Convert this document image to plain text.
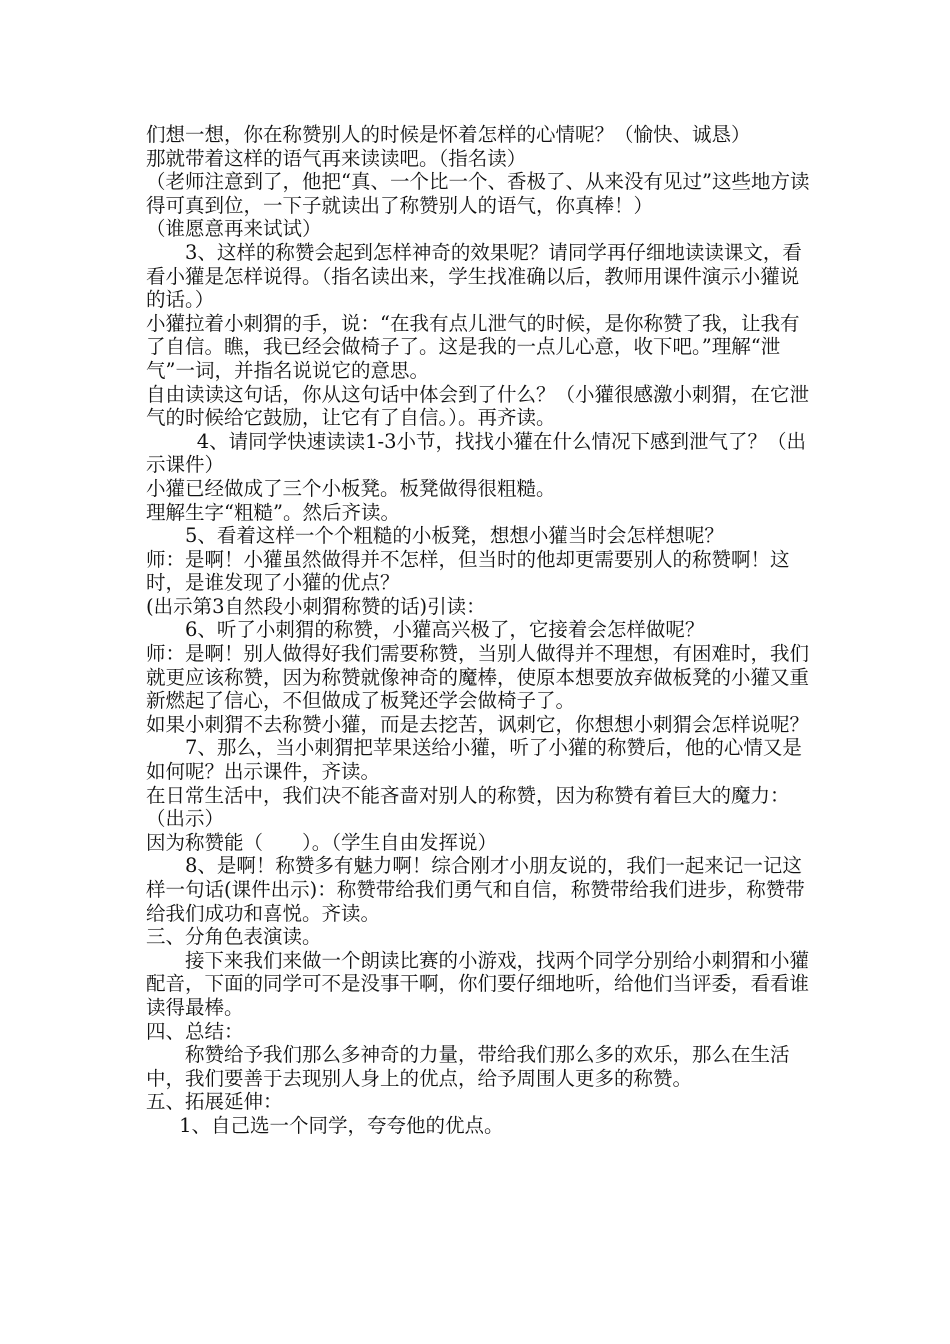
们想一想，你在称赞别人的时候是怀着怎样的心情呢？（愉快、诚恳）

那就带着这样的语气再来读读吧。（指名读）

（老师注意到了，他把“真、一个比一个、香极了、从来没有见过”这些地方读得可真到位，一下子就读出了称赞别人的语气，你真棒！）

（谁愿意再来试试）

3、这样的称赞会起到怎样神奇的效果呢？请同学再仔细地读读课文，看看小獾是怎样说得。（指名读出来，学生找准确以后，教师用课件演示小獾说的话。）

小獾拉着小刺猬的手，说：“在我有点儿泄气的时候，是你称赞了我，让我有了自信。瞧，我已经会做椅子了。这是我的一点儿心意，收下吧。”理解“泄气”一词，并指名说说它的意思。

自由读读这句话，你从这句话中体会到了什么？（小獾很感激小刺猬，在它泄气的时候给它鼓励，让它有了自信。）。再齐读。

4、请同学快速读读1-3小节，找找小獾在什么情况下感到泄气了？（出示课件）

小獾已经做成了三个小板凳。板凳做得很粗糙。

理解生字“粗糙”。然后齐读。

5、看着这样一个个粗糙的小板凳，想想小獾当时会怎样想呢？

师：是啊！小獾虽然做得并不怎样，但当时的他却更需要别人的称赞啊！这时，是谁发现了小獾的优点？

(出示第3自然段小刺猬称赞的话)引读：

6、听了小刺猬的称赞，小獾高兴极了，它接着会怎样做呢？

师：是啊！别人做得好我们需要称赞，当别人做得并不理想，有困难时，我们就更应该称赞，因为称赞就像神奇的魔棒，使原本想要放弃做板凳的小獾又重新燃起了信心，不但做成了板凳还学会做椅子了。

如果小刺猬不去称赞小獾，而是去挖苦，讽刺它，你想想小刺猬会怎样说呢？

7、那么，当小刺猬把苹果送给小獾，听了小獾的称赞后，他的心情又是如何呢？出示课件，齐读。

在日常生活中，我们决不能吝啬对别人的称赞，因为称赞有着巨大的魔力：（出示）

因为称赞能（　　）。（学生自由发挥说）

8、是啊！称赞多有魅力啊！综合刚才小朋友说的，我们一起来记一记这样一句话(课件出示)：称赞带给我们勇气和自信，称赞带给我们进步，称赞带给我们成功和喜悦。齐读。

三、分角色表演读。

接下来我们来做一个朗读比赛的小游戏，找两个同学分别给小刺猬和小獾配音，下面的同学可不是没事干啊，你们要仔细地听，给他们当评委，看看谁读得最棒。

四、总结：

称赞给予我们那么多神奇的力量，带给我们那么多的欢乐，那么在生活中，我们要善于去现别人身上的优点，给予周围人更多的称赞。

五、拓展延伸：

1、自己选一个同学，夸夸他的优点。
